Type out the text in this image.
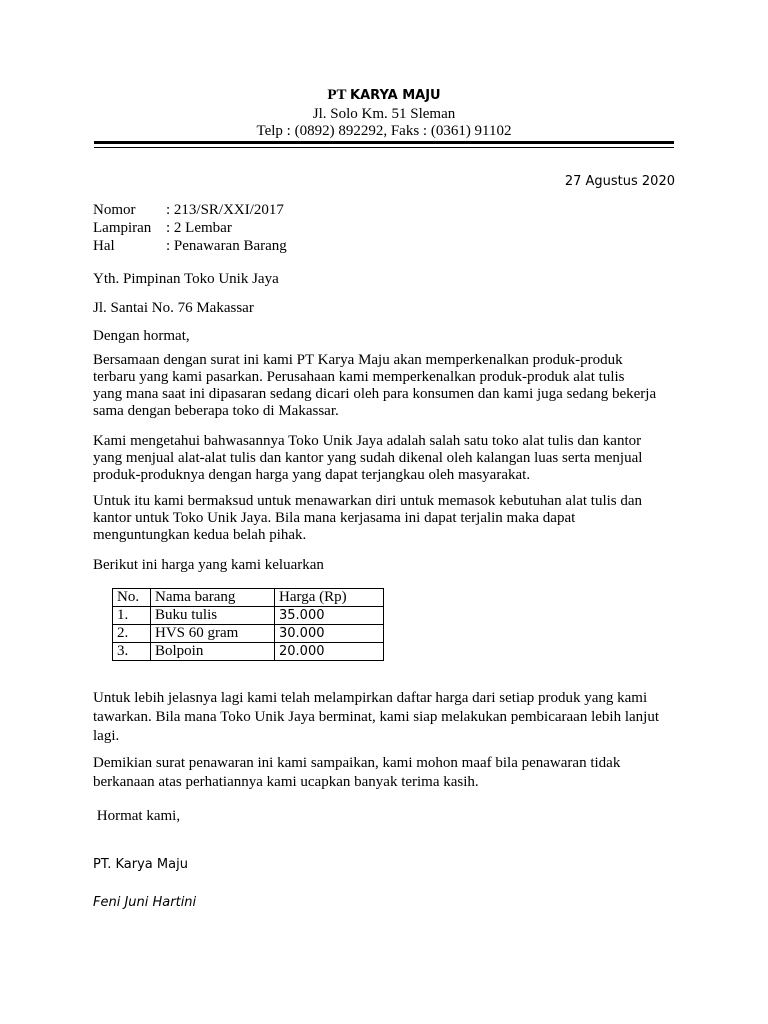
PT KARYA MAJU
Jl. Solo Km. 51 Sleman
Telp : (0892) 892292, Faks : (0361) 91102
27 Agustus 2020
Nomor : 213/SR/XXI/2017
Lampiran : 2 Lembar
Hal	: Penawaran Barang
Yth. Pimpinan Toko Unik Jaya
Jl. Santai No. 76 Makassar
Dengan hormat,
Bersamaan dengan surat ini kami PT Karya Maju akan memperkenalkan produk-produk
terbaru yang kami pasarkan. Perusahaan kami memperkenalkan produk-produk alat tulis
yang mana saat ini dipasaran sedang dicari oleh para konsumen dan kami juga sedang bekerja
sama dengan beberapa toko di Makassar.
Kami mengetahui bahwasannya Toko Unik Jaya adalah salah satu toko alat tulis dan kantor
yang menjual alat-alat tulis dan kantor yang sudah dikenal oleh kalangan luas serta menjual
produk-produknya dengan harga yang dapat terjangkau oleh masyarakat.
Untuk itu kami bermaksud untuk menawarkan diri untuk memasok kebutuhan alat tulis dan
kantor untuk Toko Unik Jaya. Bila mana kerjasama ini dapat terjalin maka dapat
menguntungkan kedua belah pihak.
Berikut ini harga yang kami keluarkan
No.	Nama barang	Harga (Rp)
1.	Buku tulis	35.000
2.	HVS 60 gram	30.000
3.	Bolpoin	20.000
Untuk lebih jelasnya lagi kami telah melampirkan daftar harga dari setiap produk yang kami
tawarkan. Bila mana Toko Unik Jaya berminat, kami siap melakukan pembicaraan lebih lanjut
lagi.
Demikian surat penawaran ini kami sampaikan, kami mohon maaf bila penawaran tidak
berkanaan atas perhatiannya kami ucapkan banyak terima kasih.
Hormat kami,
PT. Karya Maju
Feni Juni Hartini
